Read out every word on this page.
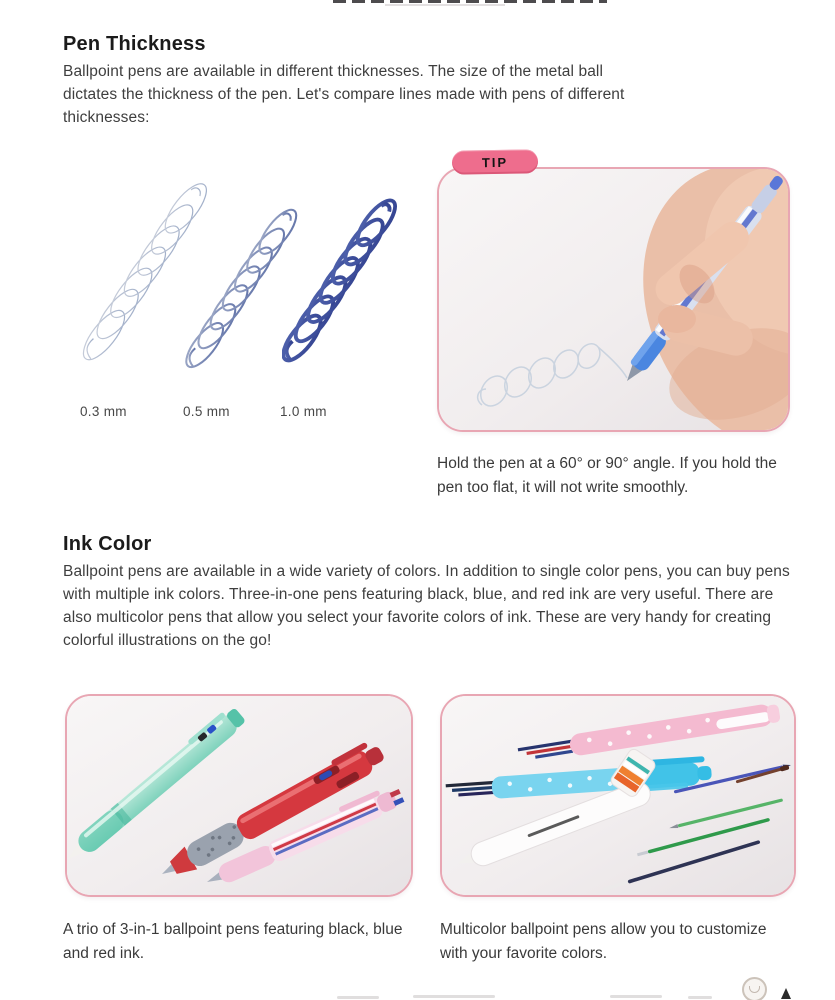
Pen Thickness

Ballpoint pens are available in different thicknesses. The size of the metal ball dictates the thickness of the pen. Let's compare lines made with pens of different thicknesses:

0.3 mm	0.5 mm	1.0 mm
TIP

Hold the pen at a 60° or 90° angle. If you hold the pen too flat, it will not write smoothly.

Ink Color

Ballpoint pens are available in a wide variety of colors. In addition to single color pens, you can buy pens with multiple ink colors. Three-in-one pens featuring black, blue, and red ink are very useful. There are also multicolor pens that allow you select your favorite colors of ink. These are very handy for creating colorful illustrations on the go!

A trio of 3-in-1 ballpoint pens featuring black, blue and red ink.

Multicolor ballpoint pens allow you to customize with your favorite colors.
